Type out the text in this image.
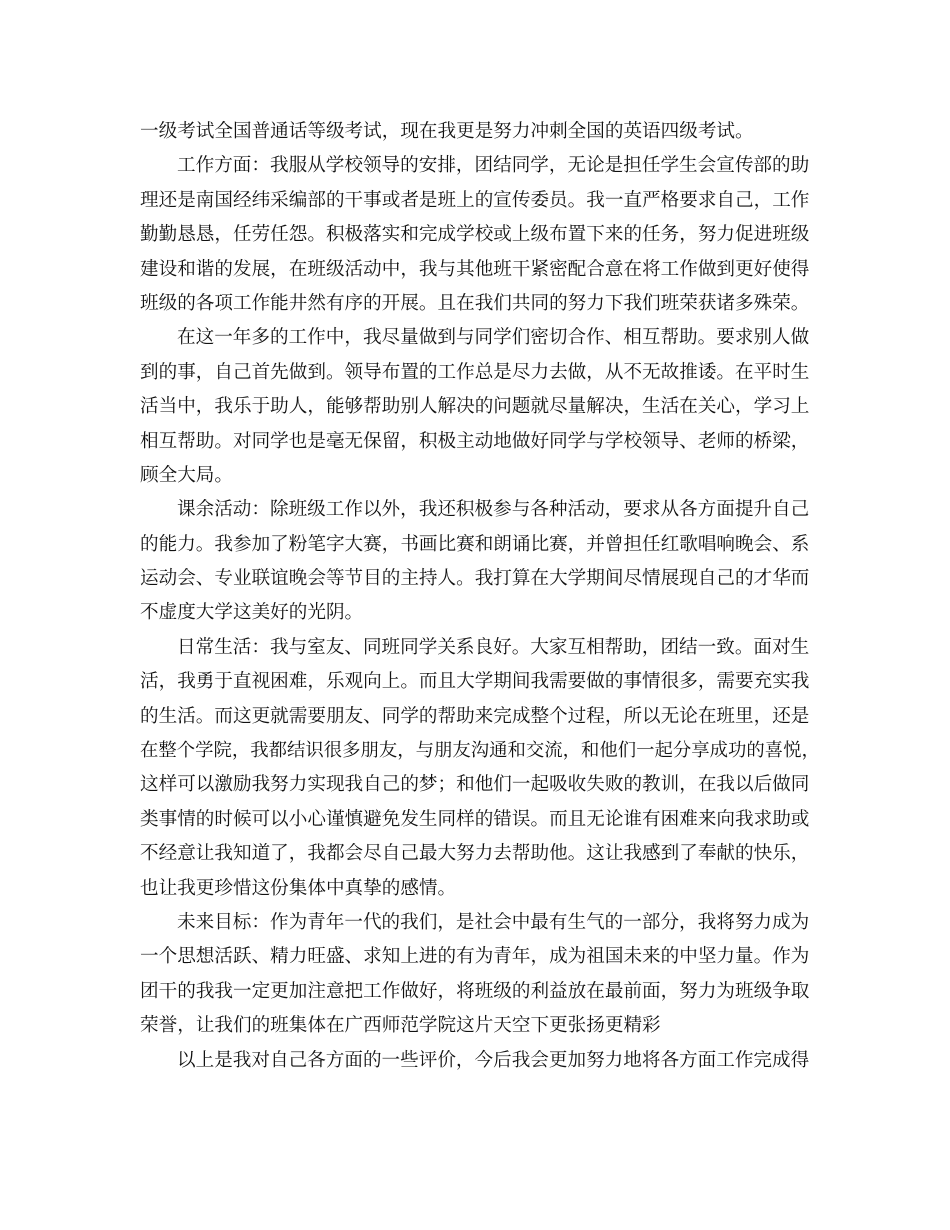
一级考试全国普通话等级考试，现在我更是努力冲刺全国的英语四级考试。
工作方面：我服从学校领导的安排，团结同学，无论是担任学生会宣传部的助
理还是南国经纬采编部的干事或者是班上的宣传委员。我一直严格要求自己，工作
勤勤恳恳，任劳任怨。积极落实和完成学校或上级布置下来的任务，努力促进班级
建设和谐的发展，在班级活动中，我与其他班干紧密配合意在将工作做到更好使得
班级的各项工作能井然有序的开展。且在我们共同的努力下我们班荣获诸多殊荣。
在这一年多的工作中，我尽量做到与同学们密切合作、相互帮助。要求别人做
到的事，自己首先做到。领导布置的工作总是尽力去做，从不无故推诿。在平时生
活当中，我乐于助人，能够帮助别人解决的问题就尽量解决，生活在关心，学习上
相互帮助。对同学也是毫无保留，积极主动地做好同学与学校领导、老师的桥梁，
顾全大局。
课余活动：除班级工作以外，我还积极参与各种活动，要求从各方面提升自己
的能力。我参加了粉笔字大赛，书画比赛和朗诵比赛，并曾担任红歌唱响晚会、系
运动会、专业联谊晚会等节目的主持人。我打算在大学期间尽情展现自己的才华而
不虚度大学这美好的光阴。
日常生活：我与室友、同班同学关系良好。大家互相帮助，团结一致。面对生
活，我勇于直视困难，乐观向上。而且大学期间我需要做的事情很多，需要充实我
的生活。而这更就需要朋友、同学的帮助来完成整个过程，所以无论在班里，还是
在整个学院，我都结识很多朋友，与朋友沟通和交流，和他们一起分享成功的喜悦，
这样可以激励我努力实现我自己的梦；和他们一起吸收失败的教训，在我以后做同
类事情的时候可以小心谨慎避免发生同样的错误。而且无论谁有困难来向我求助或
不经意让我知道了，我都会尽自己最大努力去帮助他。这让我感到了奉献的快乐，
也让我更珍惜这份集体中真挚的感情。
未来目标：作为青年一代的我们，是社会中最有生气的一部分，我将努力成为
一个思想活跃、精力旺盛、求知上进的有为青年，成为祖国未来的中坚力量。作为
团干的我我一定更加注意把工作做好，将班级的利益放在最前面，努力为班级争取
荣誉，让我们的班集体在广西师范学院这片天空下更张扬更精彩
以上是我对自己各方面的一些评价，今后我会更加努力地将各方面工作完成得
